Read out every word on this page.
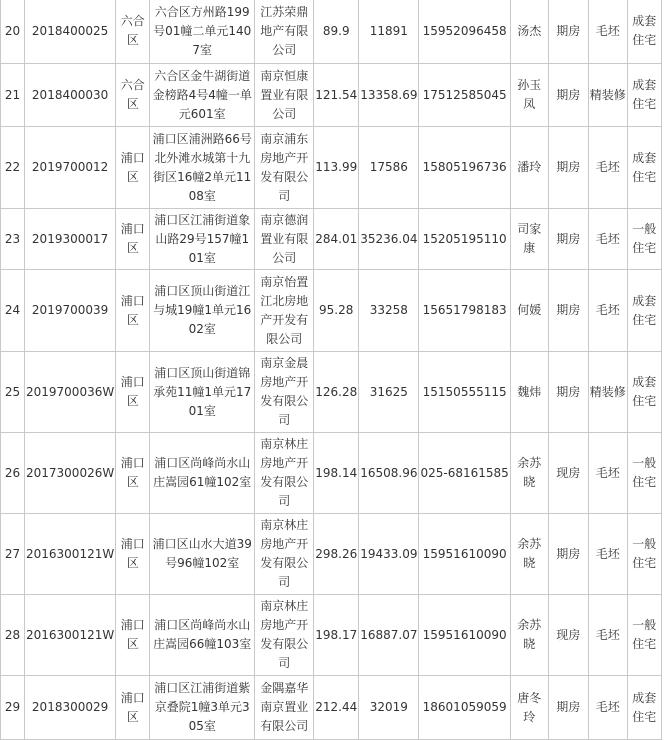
20	2018400025	六合区	六合区方州路199号01幢二单元1407室	江苏荣鼎地产有限公司	89.9	11891	15952096458	汤杰	期房	毛坯	成套住宅
21	2018400030	六合区	六合区金牛湖街道金榜路4号4幢一单元601室	南京恒康置业有限公司	121.54	13358.69	17512585045	孙玉凤	期房	精装修	成套住宅
22	2019700012	浦口区	浦口区浦洲路66号北外滩水城第十九街区16幢2单元1108室	南京浦东房地产开发有限公司	113.99	17586	15805196736	潘玲	期房	毛坯	成套住宅
23	2019300017	浦口区	浦口区江浦街道象山路29号157幢101室	南京德润置业有限公司	284.01	35236.04	15205195110	司家康	期房	毛坯	一般住宅
24	2019700039	浦口区	浦口区顶山街道江与城19幢1单元1602室	南京怡置江北房地产开发有限公司	95.28	33258	15651798183	何媛	期房	毛坯	成套住宅
25	2019700036W	浦口区	浦口区顶山街道锦承苑11幢1单元1701室	南京金晨房地产开发有限公司	126.28	31625	15150555115	魏炜	期房	精装修	成套住宅
26	2017300026W	浦口区	浦口区尚峰尚水山庄嵩园61幢102室	南京林庄房地产开发有限公司	198.14	16508.96	025-68161585	余苏晓	现房	毛坯	一般住宅
27	2016300121W	浦口区	浦口区山水大道39号96幢102室	南京林庄房地产开发有限公司	298.26	19433.09	15951610090	余苏晓	期房	毛坯	一般住宅
28	2016300121W	浦口区	浦口区尚峰尚水山庄嵩园66幢103室	南京林庄房地产开发有限公司	198.17	16887.07	15951610090	余苏晓	现房	毛坯	一般住宅
29	2018300029	浦口区	浦口区江浦街道紫京叠院1幢3单元305室	金隅嘉华南京置业有限公司	212.44	32019	18601059059	唐冬玲	期房	毛坯	成套住宅
